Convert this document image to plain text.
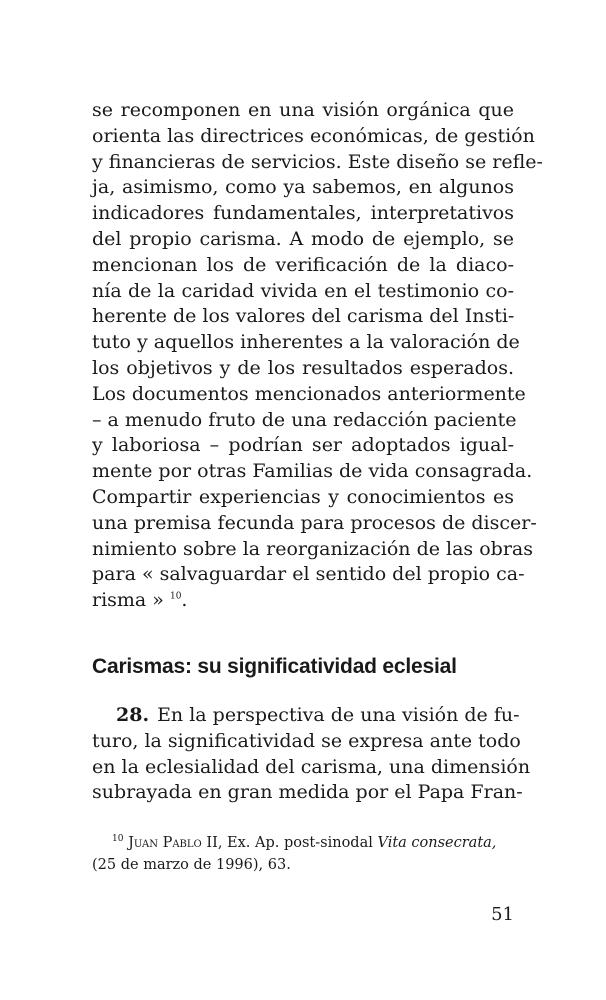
se recomponen en una visión orgánica que
orienta las directrices económicas, de gestión
y financieras de servicios. Este diseño se refle-
ja, asimismo, como ya sabemos, en algunos
indicadores fundamentales, interpretativos
del propio carisma. A modo de ejemplo, se
mencionan los de verificación de la diaco-
nía de la caridad vivida en el testimonio co-
herente de los valores del carisma del Insti-
tuto y aquellos inherentes a la valoración de
los objetivos y de los resultados esperados.
Los documentos mencionados anteriormente
– a menudo fruto de una redacción paciente
y laboriosa – podrían ser adoptados igual-
mente por otras Familias de vida consagrada.
Compartir experiencias y conocimientos es
una premisa fecunda para procesos de discer-
nimiento sobre la reorganización de las obras
para « salvaguardar el sentido del propio ca-
risma » $^{10}$.
Carismas: su significatividad eclesial
28. En la perspectiva de una visión de fu-
turo, la significatividad se expresa ante todo
en la eclesialidad del carisma, una dimensión
subrayada en gran medida por el Papa Fran-
$^{10}$ Juan Pablo II, Ex. Ap. post-sinodal Vita consecrata,
(25 de marzo de 1996), 63.
51
